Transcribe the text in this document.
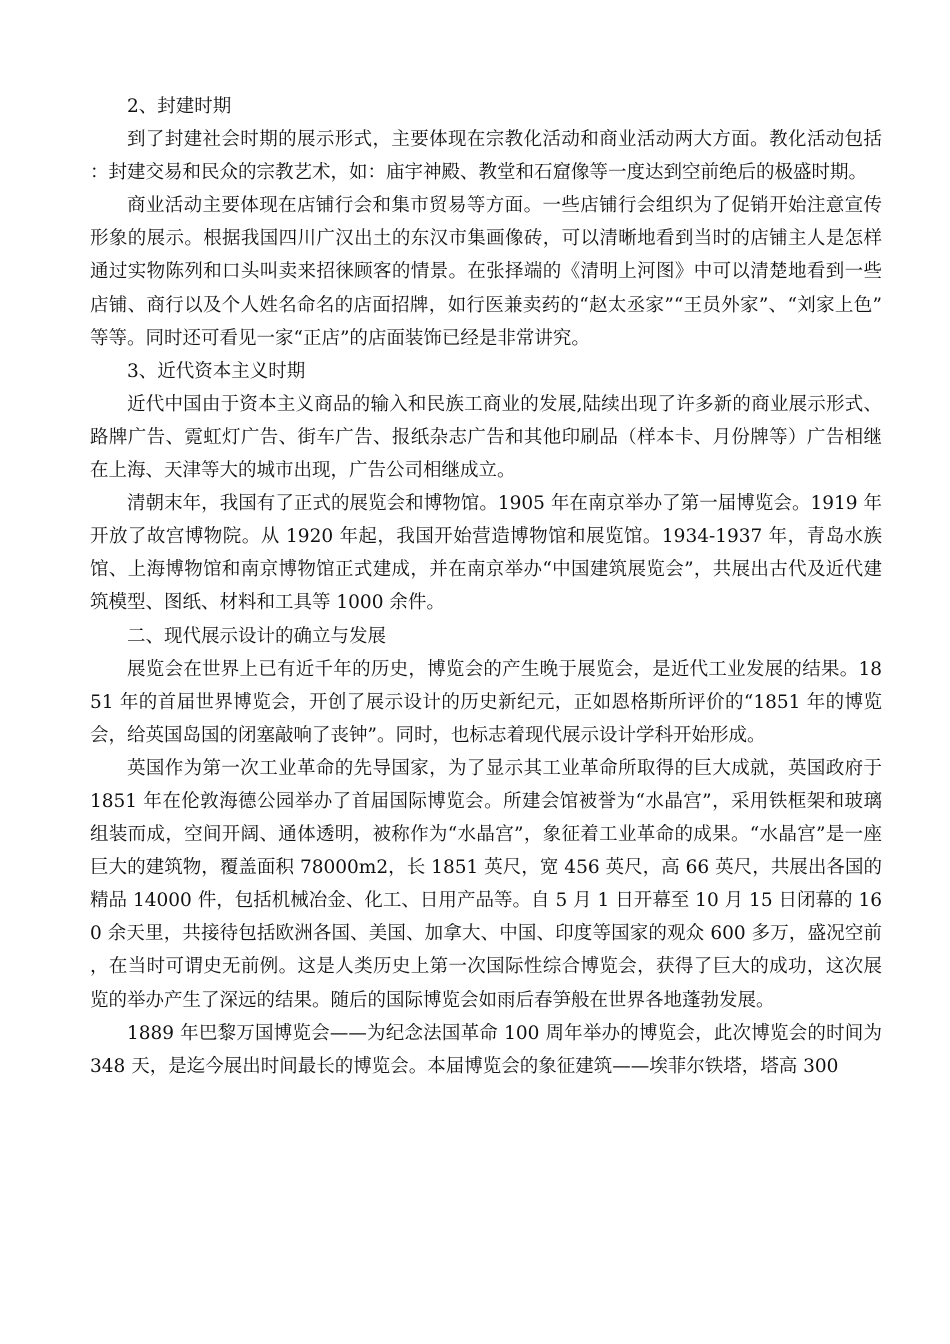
2、封建时期

到了封建社会时期的展示形式，主要体现在宗教化活动和商业活动两大方面。教化活动包括：封建交易和民众的宗教艺术，如：庙宇神殿、教堂和石窟像等一度达到空前绝后的极盛时期。

商业活动主要体现在店铺行会和集市贸易等方面。一些店铺行会组织为了促销开始注意宣传形象的展示。根据我国四川广汉出土的东汉市集画像砖，可以清晰地看到当时的店铺主人是怎样通过实物陈列和口头叫卖来招徕顾客的情景。在张择端的《清明上河图》中可以清楚地看到一些店铺、商行以及个人姓名命名的店面招牌，如行医兼卖药的“赵太丞家”“王员外家”、“刘家上色”等等。同时还可看见一家“正店”的店面装饰已经是非常讲究。

3、近代资本主义时期

近代中国由于资本主义商品的输入和民族工商业的发展,陆续出现了许多新的商业展示形式、路牌广告、霓虹灯广告、街车广告、报纸杂志广告和其他印刷品（样本卡、月份牌等）广告相继在上海、天津等大的城市出现，广告公司相继成立。

清朝末年，我国有了正式的展览会和博物馆。1905 年在南京举办了第一届博览会。1919 年开放了故宫博物院。从 1920 年起，我国开始营造博物馆和展览馆。1934-1937 年，青岛水族馆、上海博物馆和南京博物馆正式建成，并在南京举办“中国建筑展览会”，共展出古代及近代建筑模型、图纸、材料和工具等 1000 余件。

二、现代展示设计的确立与发展

展览会在世界上已有近千年的历史，博览会的产生晚于展览会，是近代工业发展的结果。1851 年的首届世界博览会，开创了展示设计的历史新纪元，正如恩格斯所评价的“1851 年的博览会，给英国岛国的闭塞敲响了丧钟”。同时，也标志着现代展示设计学科开始形成。

英国作为第一次工业革命的先导国家，为了显示其工业革命所取得的巨大成就，英国政府于 1851 年在伦敦海德公园举办了首届国际博览会。所建会馆被誉为“水晶宫”，采用铁框架和玻璃组装而成，空间开阔、通体透明，被称作为“水晶宫”，象征着工业革命的成果。“水晶宫”是一座巨大的建筑物，覆盖面积 78000m2，长 1851 英尺，宽 456 英尺，高 66 英尺，共展出各国的精品 14000 件，包括机械冶金、化工、日用产品等。自 5 月 1 日开幕至 10 月 15 日闭幕的 160 余天里，共接待包括欧洲各国、美国、加拿大、中国、印度等国家的观众 600 多万，盛况空前，在当时可谓史无前例。这是人类历史上第一次国际性综合博览会，获得了巨大的成功，这次展览的举办产生了深远的结果。随后的国际博览会如雨后春笋般在世界各地蓬勃发展。

1889 年巴黎万国博览会——为纪念法国革命 100 周年举办的博览会，此次博览会的时间为 348 天，是迄今展出时间最长的博览会。本届博览会的象征建筑——埃菲尔铁塔，塔高 300
